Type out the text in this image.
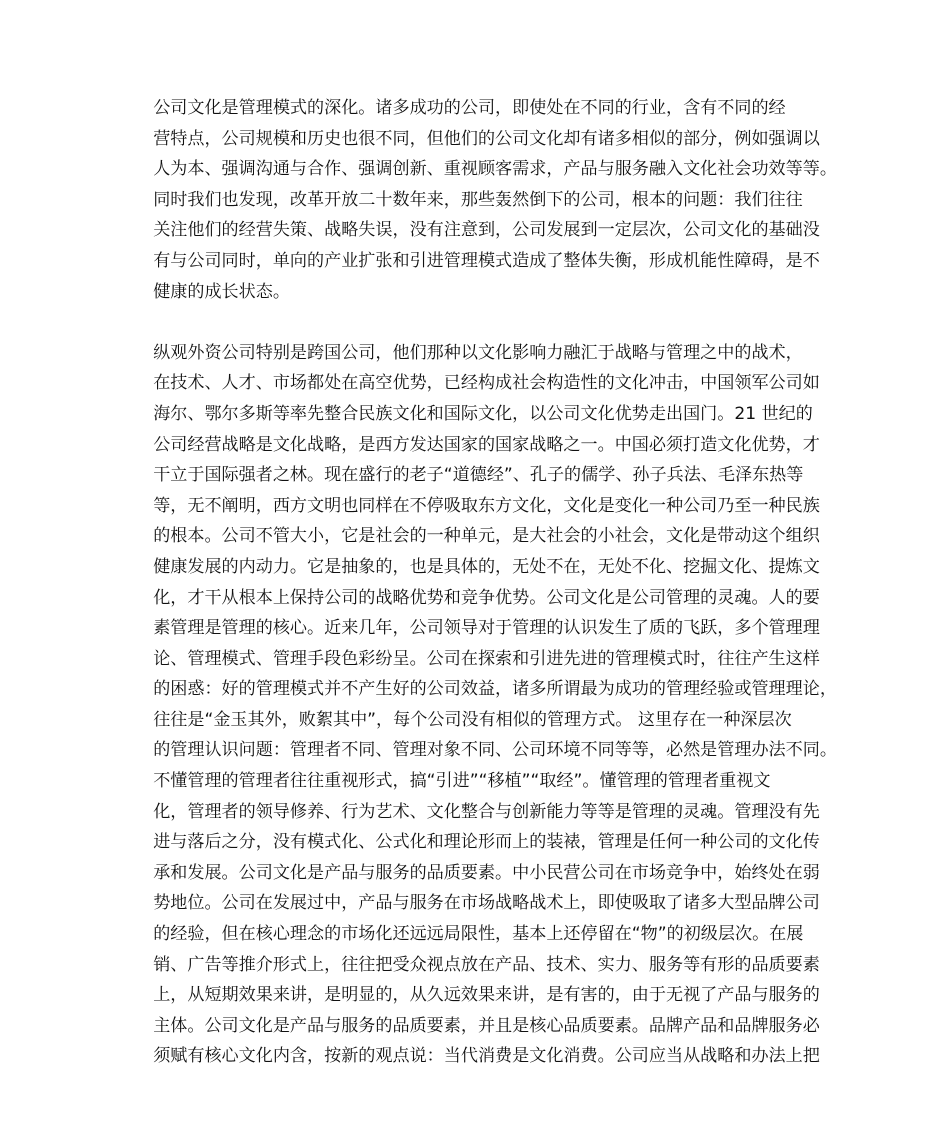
公司文化是管理模式的深化。诸多成功的公司，即使处在不同的行业，含有不同的经
营特点，公司规模和历史也很不同，但他们的公司文化却有诸多相似的部分，例如强调以
人为本、强调沟通与合作、强调创新、重视顾客需求，产品与服务融入文化社会功效等等。
同时我们也发现，改革开放二十数年来，那些轰然倒下的公司，根本的问题：我们往往
关注他们的经营失策、战略失误，没有注意到，公司发展到一定层次，公司文化的基础没
有与公司同时，单向的产业扩张和引进管理模式造成了整体失衡，形成机能性障碍，是不
健康的成长状态。

纵观外资公司特别是跨国公司，他们那种以文化影响力融汇于战略与管理之中的战术，
在技术、人才、市场都处在高空优势，已经构成社会构造性的文化冲击，中国领军公司如
海尔、鄂尔多斯等率先整合民族文化和国际文化，以公司文化优势走出国门。21 世纪的
公司经营战略是文化战略，是西方发达国家的国家战略之一。中国必须打造文化优势，才
干立于国际强者之林。现在盛行的老子“道德经”、孔子的儒学、孙子兵法、毛泽东热等
等，无不阐明，西方文明也同样在不停吸取东方文化，文化是变化一种公司乃至一种民族
的根本。公司不管大小，它是社会的一种单元，是大社会的小社会，文化是带动这个组织
健康发展的内动力。它是抽象的，也是具体的，无处不在，无处不化、挖掘文化、提炼文
化，才干从根本上保持公司的战略优势和竞争优势。公司文化是公司管理的灵魂。人的要
素管理是管理的核心。近来几年，公司领导对于管理的认识发生了质的飞跃，多个管理理
论、管理模式、管理手段色彩纷呈。公司在探索和引进先进的管理模式时，往往产生这样
的困惑：好的管理模式并不产生好的公司效益，诸多所谓最为成功的管理经验或管理理论，
往往是“金玉其外，败絮其中”，每个公司没有相似的管理方式。 这里存在一种深层次
的管理认识问题：管理者不同、管理对象不同、公司环境不同等等，必然是管理办法不同。
不懂管理的管理者往往重视形式，搞“引进”“移植”“取经”。懂管理的管理者重视文
化，管理者的领导修养、行为艺术、文化整合与创新能力等等是管理的灵魂。管理没有先
进与落后之分，没有模式化、公式化和理论形而上的装裱，管理是任何一种公司的文化传
承和发展。公司文化是产品与服务的品质要素。中小民营公司在市场竞争中，始终处在弱
势地位。公司在发展过中，产品与服务在市场战略战术上，即使吸取了诸多大型品牌公司
的经验，但在核心理念的市场化还远远局限性，基本上还停留在“物”的初级层次。在展
销、广告等推介形式上，往往把受众视点放在产品、技术、实力、服务等有形的品质要素
上，从短期效果来讲，是明显的，从久远效果来讲，是有害的，由于无视了产品与服务的
主体。公司文化是产品与服务的品质要素，并且是核心品质要素。品牌产品和品牌服务必
须赋有核心文化内含，按新的观点说：当代消费是文化消费。公司应当从战略和办法上把
